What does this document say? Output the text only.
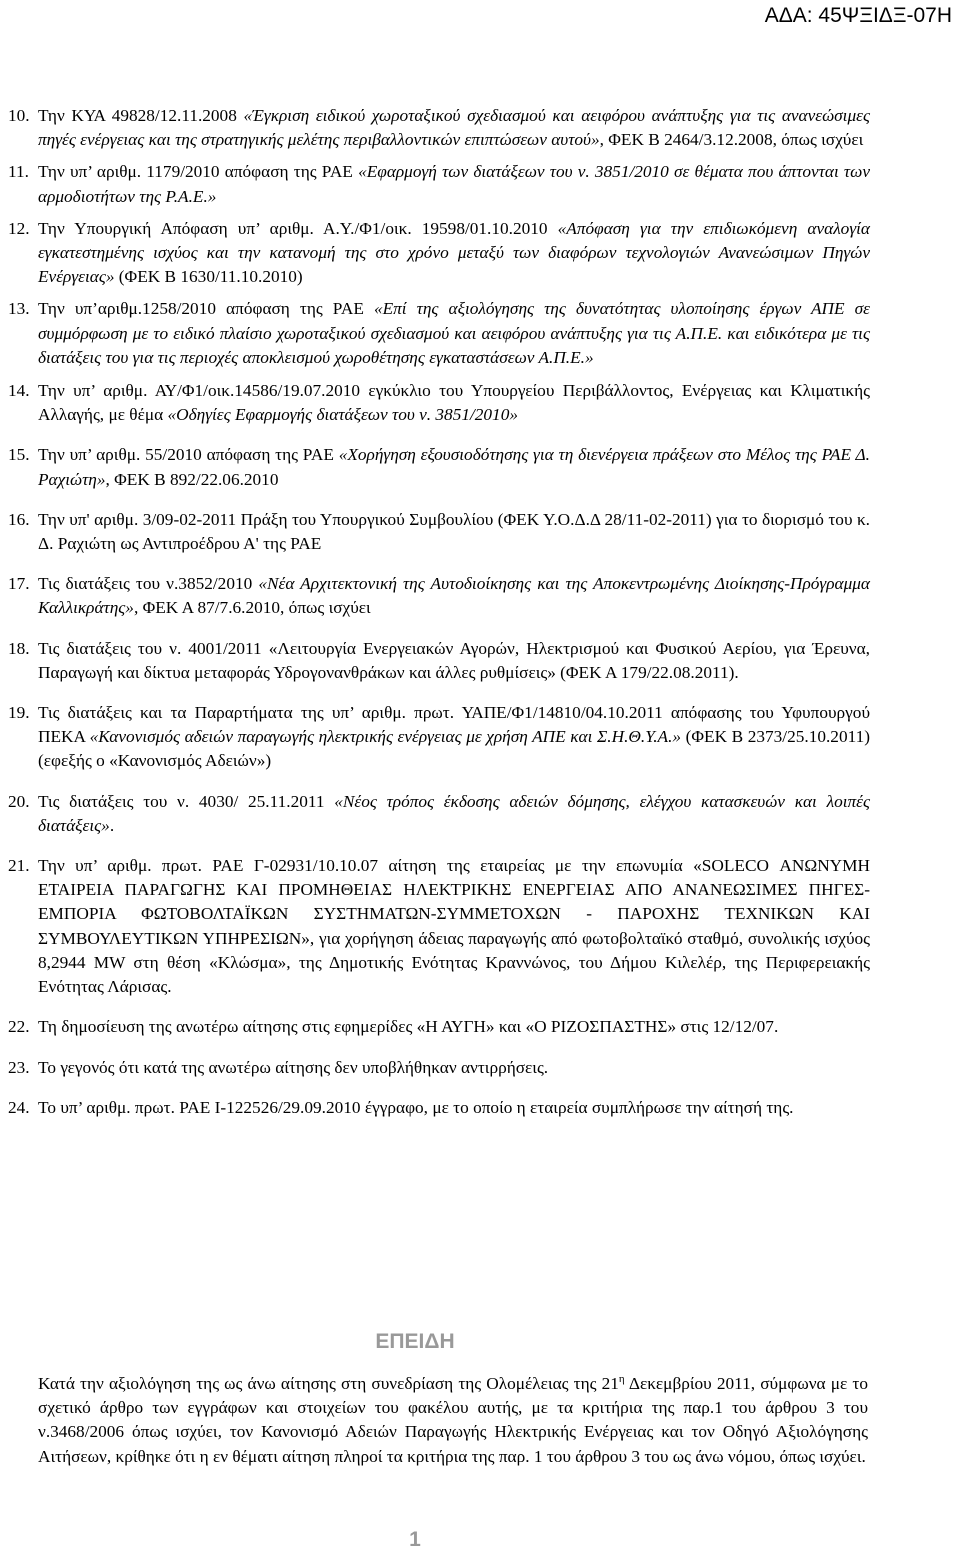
ΑΔΑ: 45ΨΞΙΔΞ-07Η
10. Την ΚΥΑ 49828/12.11.2008 «Έγκριση ειδικού χωροταξικού σχεδιασμού και αειφόρου ανάπτυξης για τις ανανεώσιμες πηγές ενέργειας και της στρατηγικής μελέτης περιβαλλοντικών επιπτώσεων αυτού», ΦΕΚ Β 2464/3.12.2008, όπως ισχύει
11. Την υπ’ αριθμ. 1179/2010 απόφαση της ΡΑΕ «Εφαρμογή των διατάξεων του ν. 3851/2010 σε θέματα που άπτονται των αρμοδιοτήτων της Ρ.Α.Ε.»
12. Την Υπουργική Απόφαση υπ’ αριθμ. Α.Υ./Φ1/οικ. 19598/01.10.2010 «Απόφαση για την επιδιωκόμενη αναλογία εγκατεστημένης ισχύος και την κατανομή της στο χρόνο μεταξύ των διαφόρων τεχνολογιών Ανανεώσιμων Πηγών Ενέργειας» (ΦΕΚ Β 1630/11.10.2010)
13. Την υπ’αριθμ.1258/2010 απόφαση της ΡΑΕ «Επί της αξιολόγησης της δυνατότητας υλοποίησης έργων ΑΠΕ σε συμμόρφωση με το ειδικό πλαίσιο χωροταξικού σχεδιασμού και αειφόρου ανάπτυξης για τις Α.Π.Ε. και ειδικότερα με τις διατάξεις του για τις περιοχές αποκλεισμού χωροθέτησης εγκαταστάσεων Α.Π.Ε.»
14. Την υπ’ αριθμ. ΑΥ/Φ1/οικ.14586/19.07.2010 εγκύκλιο του Υπουργείου Περιβάλλοντος, Ενέργειας και Κλιματικής Αλλαγής, με θέμα «Οδηγίες Εφαρμογής διατάξεων του ν. 3851/2010»
15. Την υπ’ αριθμ. 55/2010 απόφαση της ΡΑΕ «Χορήγηση εξουσιοδότησης για τη διενέργεια πράξεων στο Μέλος της ΡΑΕ Δ. Ραχιώτη», ΦΕΚ Β 892/22.06.2010
16. Την υπ' αριθμ. 3/09-02-2011 Πράξη του Υπουργικού Συμβουλίου (ΦΕΚ Υ.Ο.Δ.Δ 28/11-02-2011) για το διορισμό του κ. Δ. Ραχιώτη ως Αντιπροέδρου Α' της ΡΑΕ
17. Τις διατάξεις του ν.3852/2010 «Νέα Αρχιτεκτονική της Αυτοδιοίκησης και της Αποκεντρωμένης Διοίκησης-Πρόγραμμα Καλλικράτης», ΦΕΚ Α 87/7.6.2010, όπως ισχύει
18. Τις διατάξεις του ν. 4001/2011 «Λειτουργία Ενεργειακών Αγορών, Ηλεκτρισμού και Φυσικού Αερίου, για Έρευνα, Παραγωγή και δίκτυα μεταφοράς Υδρογονανθράκων και άλλες ρυθμίσεις» (ΦΕΚ Α 179/22.08.2011).
19. Τις διατάξεις και τα Παραρτήματα της υπ’ αριθμ. πρωτ. ΥΑΠΕ/Φ1/14810/04.10.2011 απόφασης του Υφυπουργού ΠΕΚΑ «Κανονισμός αδειών παραγωγής ηλεκτρικής ενέργειας με χρήση ΑΠΕ και Σ.Η.Θ.Υ.Α.» (ΦΕΚ Β 2373/25.10.2011) (εφεξής ο «Κανονισμός Αδειών»)
20. Τις διατάξεις του ν. 4030/ 25.11.2011 «Νέος τρόπος έκδοσης αδειών δόμησης, ελέγχου κατασκευών και λοιπές διατάξεις».
21. Την υπ’ αριθμ. πρωτ. ΡΑΕ Γ-02931/10.10.07 αίτηση της εταιρείας με την επωνυμία «SOLECO ΑΝΩΝΥΜΗ ΕΤΑΙΡΕΙΑ ΠΑΡΑΓΩΓΗΣ ΚΑΙ ΠΡΟΜΗΘΕΙΑΣ ΗΛΕΚΤΡΙΚΗΣ ΕΝΕΡΓΕΙΑΣ ΑΠΟ ΑΝΑΝΕΩΣΙΜΕΣ ΠΗΓΕΣ-ΕΜΠΟΡΙΑ ΦΩΤΟΒΟΛΤΑΪΚΩΝ ΣΥΣΤΗΜΑΤΩΝ-ΣΥΜΜΕΤΟΧΩΝ - ΠΑΡΟΧΗΣ ΤΕΧΝΙΚΩΝ ΚΑΙ ΣΥΜΒΟΥΛΕΥΤΙΚΩΝ ΥΠΗΡΕΣΙΩΝ», για χορήγηση άδειας παραγωγής από φωτοβολταϊκό σταθμό, συνολικής ισχύος 8,2944 MW στη θέση «Κλώσμα», της Δημοτικής Ενότητας Κραννώνος, του Δήμου Κιλελέρ, της Περιφερειακής Ενότητας Λάρισας.
22. Τη δημοσίευση της ανωτέρω αίτησης στις εφημερίδες «Η ΑΥΓΗ» και «Ο ΡΙΖΟΣΠΑΣΤΗΣ» στις 12/12/07.
23. Το γεγονός ότι κατά της ανωτέρω αίτησης δεν υποβλήθηκαν αντιρρήσεις.
24. Το υπ’ αριθμ. πρωτ. ΡΑΕ Ι-122526/29.09.2010 έγγραφο, με το οποίο η εταιρεία συμπλήρωσε την αίτησή της.
ΕΠΕΙΔΗ
Κατά την αξιολόγηση της ως άνω αίτησης στη συνεδρίαση της Ολομέλειας της $21^\eta$ Δεκεμβρίου 2011, σύμφωνα με το σχετικό άρθρο των εγγράφων και στοιχείων του φακέλου αυτής, με τα κριτήρια της παρ.1 του άρθρου 3 του ν.3468/2006 όπως ισχύει, τον Κανονισμό Αδειών Παραγωγής Ηλεκτρικής Ενέργειας και τον Οδηγό Αξιολόγησης Αιτήσεων, κρίθηκε ότι η εν θέματι αίτηση πληροί τα κριτήρια της παρ. 1 του άρθρου 3 του ως άνω νόμου, όπως ισχύει.
1
